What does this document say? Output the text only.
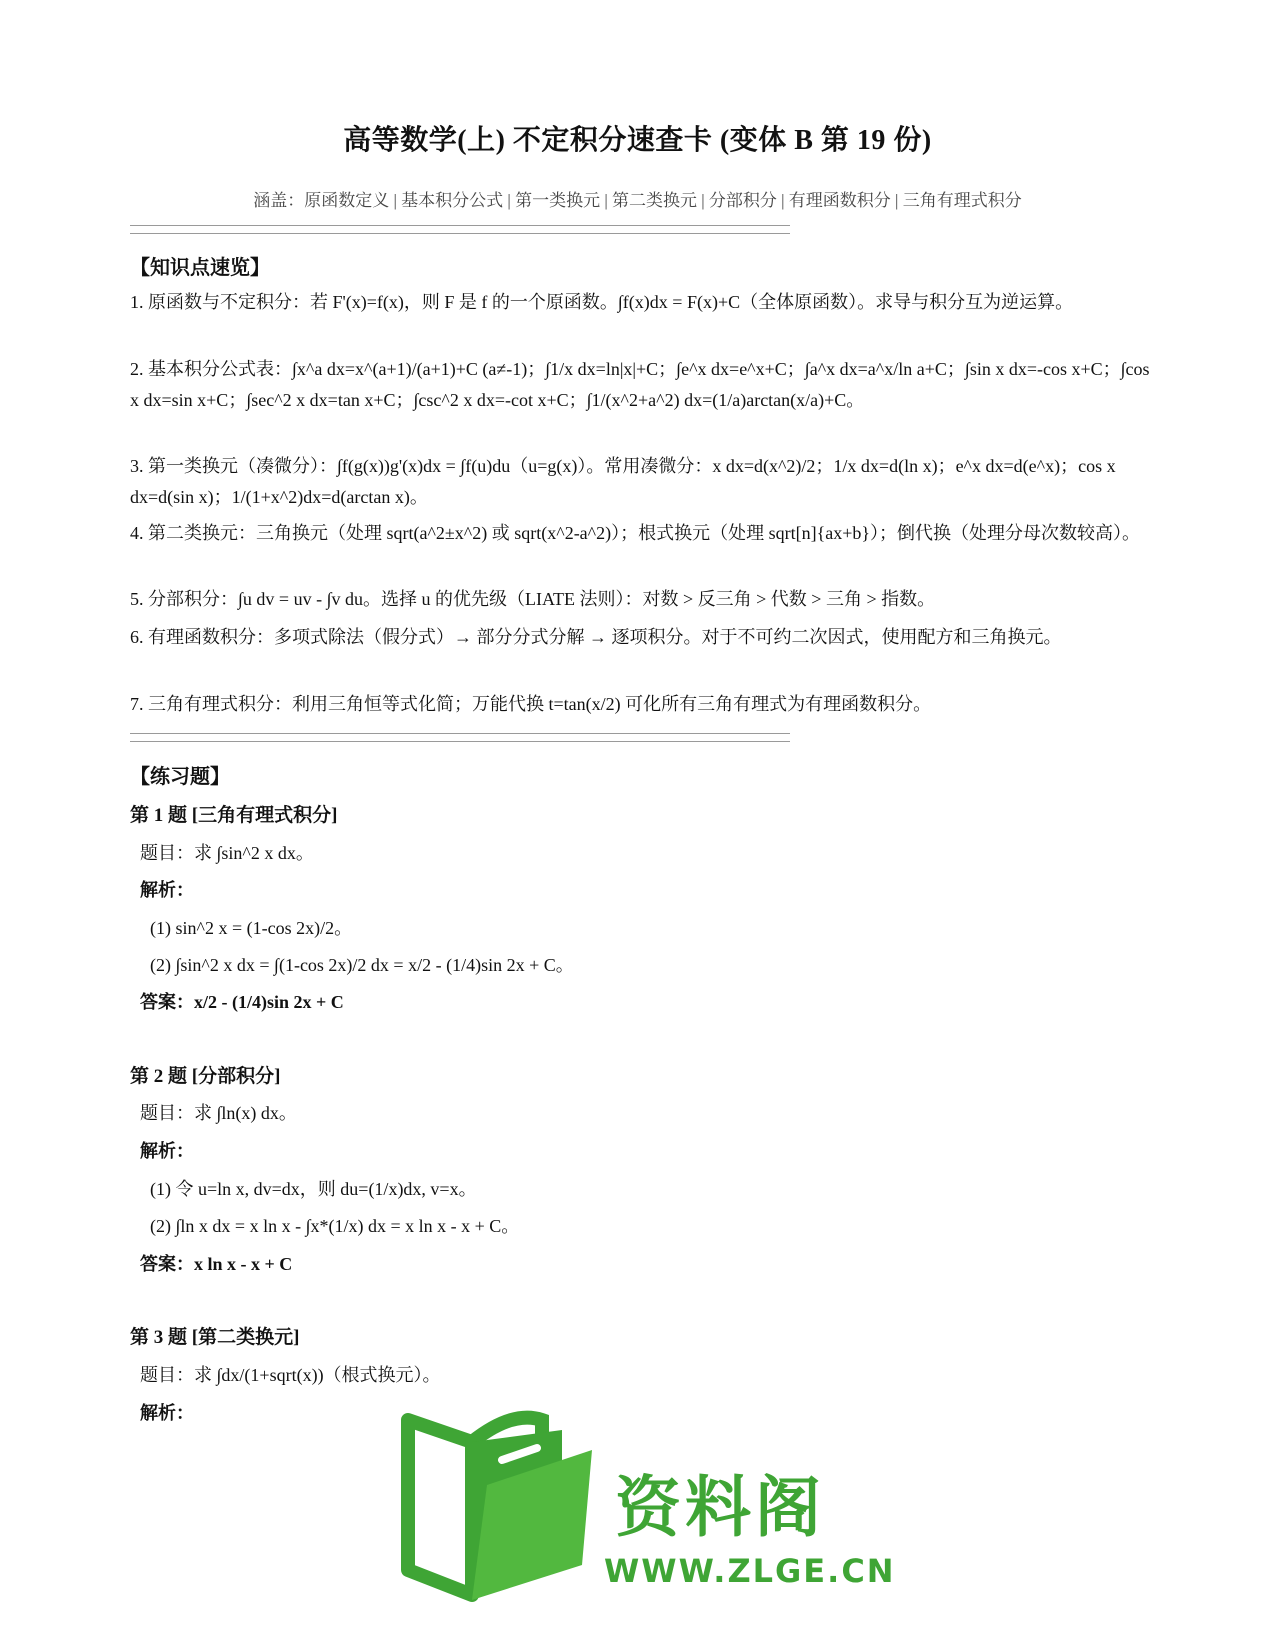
高等数学(上) 不定积分速查卡 (变体 B 第 19 份)
涵盖：原函数定义 | 基本积分公式 | 第一类换元 | 第二类换元 | 分部积分 | 有理函数积分 | 三角有理式积分
【知识点速览】
1. 原函数与不定积分：若 F'(x)=f(x)，则 F 是 f 的一个原函数。∫f(x)dx = F(x)+C（全体原函数）。求导与积分互为逆运算。
2. 基本积分公式表：∫x^a dx=x^(a+1)/(a+1)+C (a≠-1)；∫1/x dx=ln|x|+C；∫e^x dx=e^x+C；∫a^x dx=a^x/ln a+C；∫sin x dx=-cos x+C；∫cos x dx=sin x+C；∫sec^2 x dx=tan x+C；∫csc^2 x dx=-cot x+C；∫1/(x^2+a^2) dx=(1/a)arctan(x/a)+C。
3. 第一类换元（凑微分）：∫f(g(x))g'(x)dx = ∫f(u)du（u=g(x)）。常用凑微分：x dx=d(x^2)/2；1/x dx=d(ln x)；e^x dx=d(e^x)；cos x dx=d(sin x)；1/(1+x^2)dx=d(arctan x)。
4. 第二类换元：三角换元（处理 sqrt(a^2±x^2) 或 sqrt(x^2-a^2)）；根式换元（处理 sqrt[n]{ax+b}）；倒代换（处理分母次数较高）。
5. 分部积分：∫u dv = uv - ∫v du。选择 u 的优先级（LIATE 法则）：对数 > 反三角 > 代数 > 三角 > 指数。
6. 有理函数积分：多项式除法（假分式）→ 部分分式分解 → 逐项积分。对于不可约二次因式，使用配方和三角换元。
7. 三角有理式积分：利用三角恒等式化简；万能代换 t=tan(x/2) 可化所有三角有理式为有理函数积分。
【练习题】
第 1 题 [三角有理式积分]
题目：求 ∫sin^2 x dx。
解析：
(1) sin^2 x = (1-cos 2x)/2。
(2) ∫sin^2 x dx = ∫(1-cos 2x)/2 dx = x/2 - (1/4)sin 2x + C。
答案：x/2 - (1/4)sin 2x + C
第 2 题 [分部积分]
题目：求 ∫ln(x) dx。
解析：
(1) 令 u=ln x, dv=dx，则 du=(1/x)dx, v=x。
(2) ∫ln x dx = x ln x - ∫x*(1/x) dx = x ln x - x + C。
答案：x ln x - x + C
第 3 题 [第二类换元]
题目：求 ∫dx/(1+sqrt(x))（根式换元）。
解析：
资料阁
WWW.ZLGE.CN
